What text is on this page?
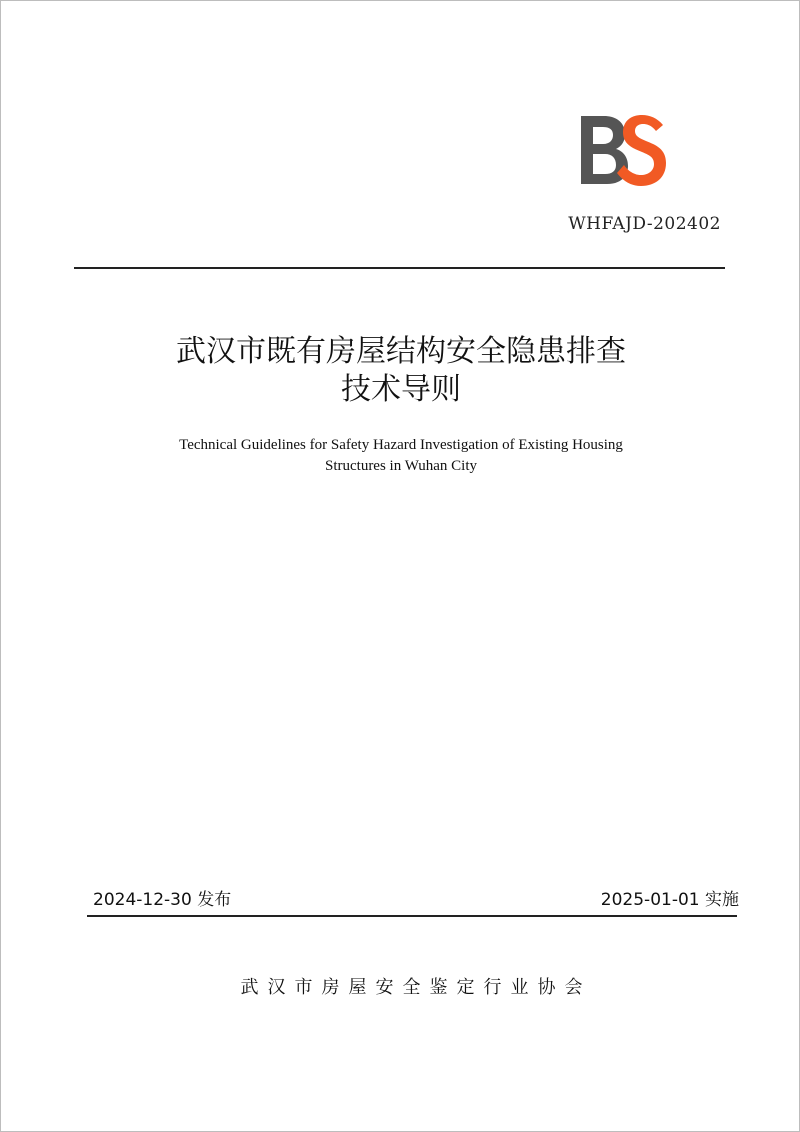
WHFAJD-202402
武汉市既有房屋结构安全隐患排查
技术导则
Technical Guidelines for Safety Hazard Investigation of Existing Housing
Structures in Wuhan City
2024-12-30 发布	2025-01-01 实施
武汉市房屋安全鉴定行业协会
